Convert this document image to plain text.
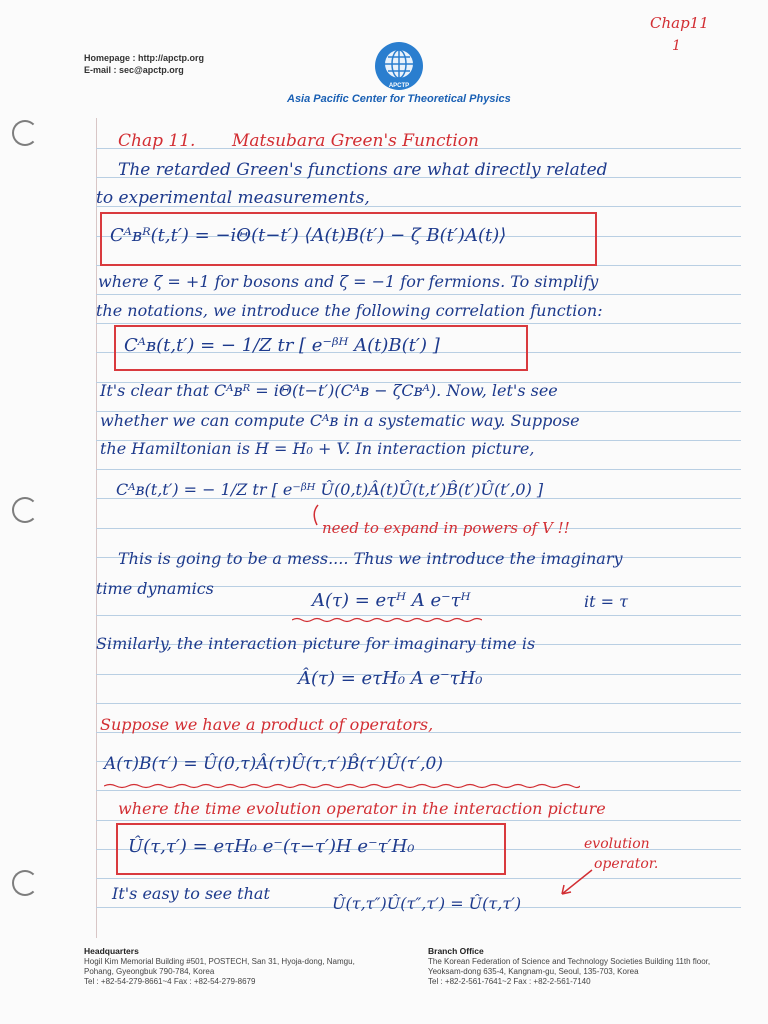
Chap11
1
Homepage : http://apctp.org
E-mail : sec@apctp.org
APCTP
Asia Pacific Center for Theoretical Physics
Chap 11. Matsubara Green's Function
The retarded Green's functions are what directly related
to experimental measurements,
Cᴬʙᴿ(t,t′) = −iΘ(t−t′) ⟨A(t)B(t′) − ζ B(t′)A(t)⟩
where ζ = +1 for bosons and ζ = −1 for fermions. To simplify
the notations, we introduce the following correlation function:
Cᴬʙ(t,t′) = − 1/Z tr [ e⁻ᵝᴴ A(t)B(t′) ]
It's clear that Cᴬʙᴿ = iΘ(t−t′)(Cᴬʙ − ζCʙᴬ). Now, let's see
whether we can compute Cᴬʙ in a systematic way. Suppose
the Hamiltonian is H = H₀ + V. In interaction picture,
Cᴬʙ(t,t′) = − 1/Z tr [ e⁻ᵝᴴ Û(0,t)Â(t)Û(t,t′)B̂(t′)Û(t′,0) ]
need to expand in powers of V !!
This is going to be a mess.... Thus we introduce the imaginary
time dynamics
A(τ) = eτᴴ A e⁻τᴴ	it = τ
Similarly, the interaction picture for imaginary time is
Â(τ) = eτH₀ A e⁻τH₀
Suppose we have a product of operators,
A(τ)B(τ′) = Û(0,τ)Â(τ)Û(τ,τ′)B̂(τ′)Û(τ′,0)
where the time evolution operator in the interaction picture
Û(τ,τ′) = eτH₀ e⁻(τ−τ′)H e⁻τ′H₀	evolution
operator.
It's easy to see that
Û(τ,τ″)Û(τ″,τ′) = Û(τ,τ′)
Headquarters
Hogil Kim Memorial Building #501, POSTECH, San 31, Hyoja-dong, Namgu,
Pohang, Gyeongbuk 790-784, Korea
Tel : +82-54-279-8661~4 Fax : +82-54-279-8679
Branch Office
The Korean Federation of Science and Technology Societies Building 11th floor,
Yeoksam-dong 635-4, Kangnam-gu, Seoul, 135-703, Korea
Tel : +82-2-561-7641~2 Fax : +82-2-561-7140
